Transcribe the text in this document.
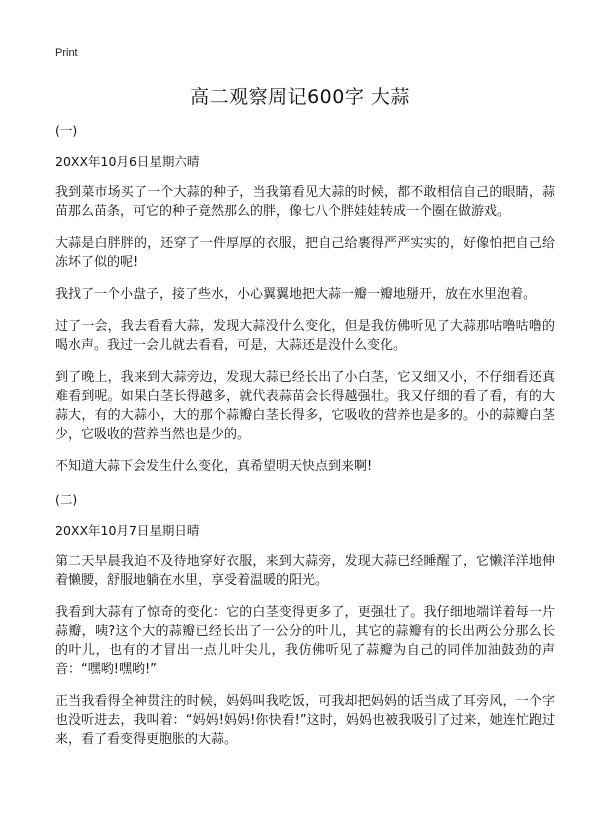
Print
高二观察周记600字 大蒜
(一)
20XX年10月6日星期六晴

我到菜市场买了一个大蒜的种子，当我第看见大蒜的时候，都不敢相信自己的眼睛，蒜苗那么苗条，可它的种子竟然那么的胖，像七八个胖娃娃转成一个圈在做游戏。

大蒜是白胖胖的，还穿了一件厚厚的衣服，把自己给裹得严严实实的，好像怕把自己给冻坏了似的呢!

我找了一个小盘子，接了些水，小心翼翼地把大蒜一瓣一瓣地掰开，放在水里泡着。

过了一会，我去看看大蒜，发现大蒜没什么变化，但是我仿佛听见了大蒜那咕噜咕噜的喝水声。我过一会儿就去看看，可是，大蒜还是没什么变化。

到了晚上，我来到大蒜旁边，发现大蒜已经长出了小白茎，它又细又小，不仔细看还真难看到呢。如果白茎长得越多，就代表蒜苗会长得越强壮。我又仔细的看了看，有的大蒜大，有的大蒜小，大的那个蒜瓣白茎长得多，它吸收的营养也是多的。小的蒜瓣白茎少，它吸收的营养当然也是少的。

不知道大蒜下会发生什么变化，真希望明天快点到来啊!

(二)
20XX年10月7日星期日晴

第二天早晨我迫不及待地穿好衣服，来到大蒜旁，发现大蒜已经睡醒了，它懒洋洋地伸着懒腰，舒服地躺在水里，享受着温暖的阳光。

我看到大蒜有了惊奇的变化：它的白茎变得更多了，更强壮了。我仔细地端详着每一片蒜瓣，咦?这个大的蒜瓣已经长出了一公分的叶儿，其它的蒜瓣有的长出两公分那么长的叶儿，也有的才冒出一点儿叶尖儿，我仿佛听见了蒜瓣为自己的同伴加油鼓劲的声音：“嘿哟!嘿哟!”

正当我看得全神贯注的时候，妈妈叫我吃饭，可我却把妈妈的话当成了耳旁风，一个字也没听进去，我叫着：“妈妈!妈妈!你快看!”这时，妈妈也被我吸引了过来，她连忙跑过来，看了看变得更胞胀的大蒜。
